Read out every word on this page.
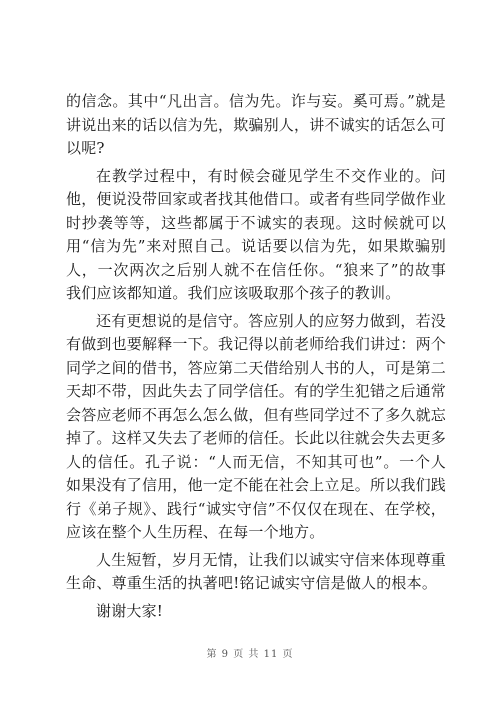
的信念。其中“凡出言。信为先。诈与妄。奚可焉。”就是讲说出来的话以信为先，欺骗别人，讲不诚实的话怎么可以呢?

在教学过程中，有时候会碰见学生不交作业的。问他，便说没带回家或者找其他借口。或者有些同学做作业时抄袭等等，这些都属于不诚实的表现。这时候就可以用“信为先”来对照自己。说话要以信为先，如果欺骗别人，一次两次之后别人就不在信任你。“狼来了”的故事我们应该都知道。我们应该吸取那个孩子的教训。

还有更想说的是信守。答应别人的应努力做到，若没有做到也要解释一下。我记得以前老师给我们讲过：两个同学之间的借书，答应第二天借给别人书的人，可是第二天却不带，因此失去了同学信任。有的学生犯错之后通常会答应老师不再怎么怎么做，但有些同学过不了多久就忘掉了。这样又失去了老师的信任。长此以往就会失去更多人的信任。孔子说：“人而无信，不知其可也”。一个人如果没有了信用，他一定不能在社会上立足。所以我们践行《弟子规》、践行“诚实守信”不仅仅在现在、在学校，应该在整个人生历程、在每一个地方。

人生短暂，岁月无情，让我们以诚实守信来体现尊重生命、尊重生活的执著吧!铭记诚实守信是做人的根本。

谢谢大家!

第 9 页 共 11 页
